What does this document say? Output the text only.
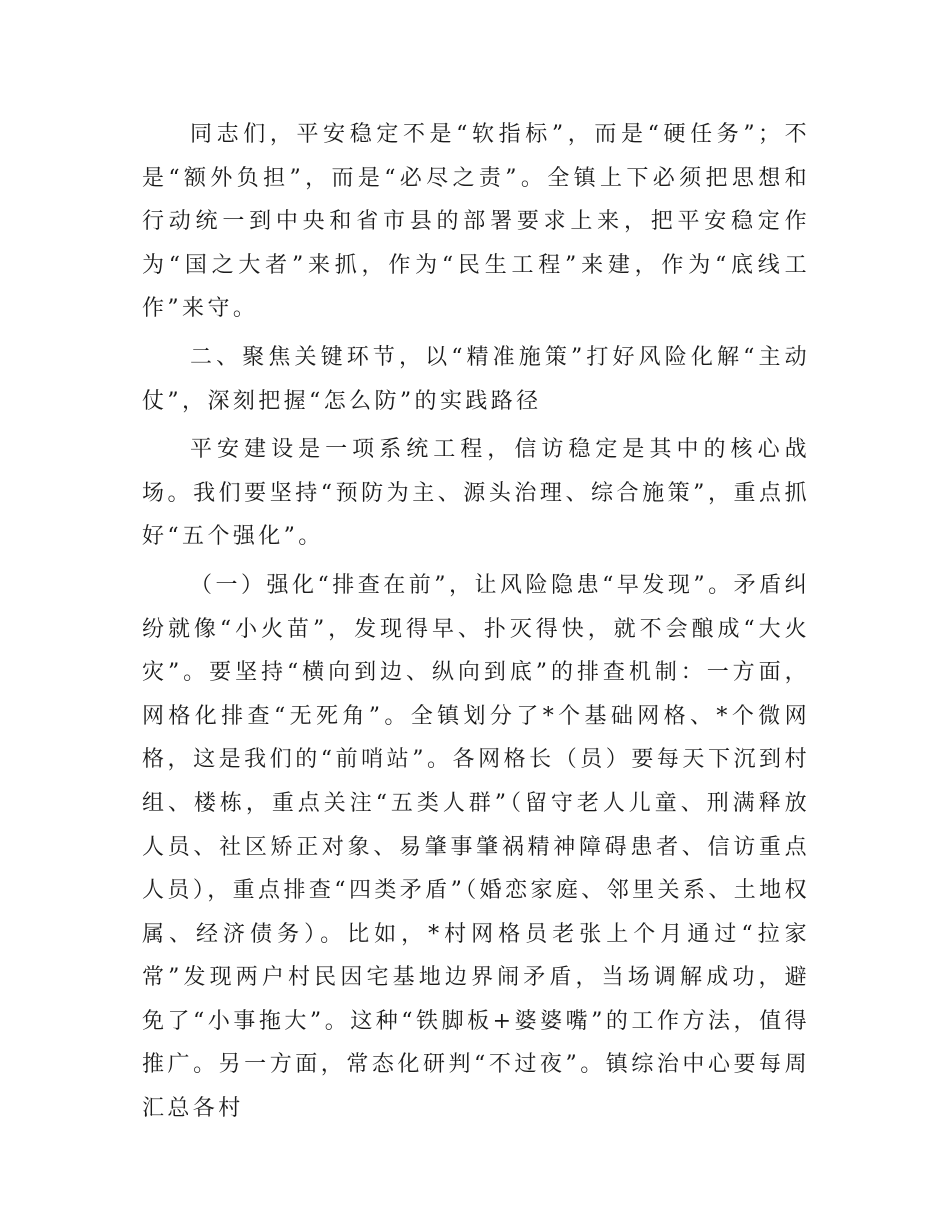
同志们，平安稳定不是“软指标”，而是“硬任务”；不是“额外负担”，而是“必尽之责”。全镇上下必须把思想和行动统一到中央和省市县的部署要求上来，把平安稳定作为“国之大者”来抓，作为“民生工程”来建，作为“底线工作”来守。

二、聚焦关键环节，以“精准施策”打好风险化解“主动仗”，深刻把握“怎么防”的实践路径

平安建设是一项系统工程，信访稳定是其中的核心战场。我们要坚持“预防为主、源头治理、综合施策”，重点抓好“五个强化”。

（一）强化“排查在前”，让风险隐患“早发现”。矛盾纠纷就像“小火苗”，发现得早、扑灭得快，就不会酿成“大火灾”。要坚持“横向到边、纵向到底”的排查机制：一方面，网格化排查“无死角”。全镇划分了*个基础网格、*个微网格，这是我们的“前哨站”。各网格长（员）要每天下沉到村组、楼栋，重点关注“五类人群”（留守老人儿童、刑满释放人员、社区矫正对象、易肇事肇祸精神障碍患者、信访重点人员），重点排查“四类矛盾”（婚恋家庭、邻里关系、土地权属、经济债务）。比如，*村网格员老张上个月通过“拉家常”发现两户村民因宅基地边界闹矛盾，当场调解成功，避免了“小事拖大”。这种“铁脚板+婆婆嘴”的工作方法，值得推广。另一方面，常态化研判“不过夜”。镇综治中心要每周汇总各村
